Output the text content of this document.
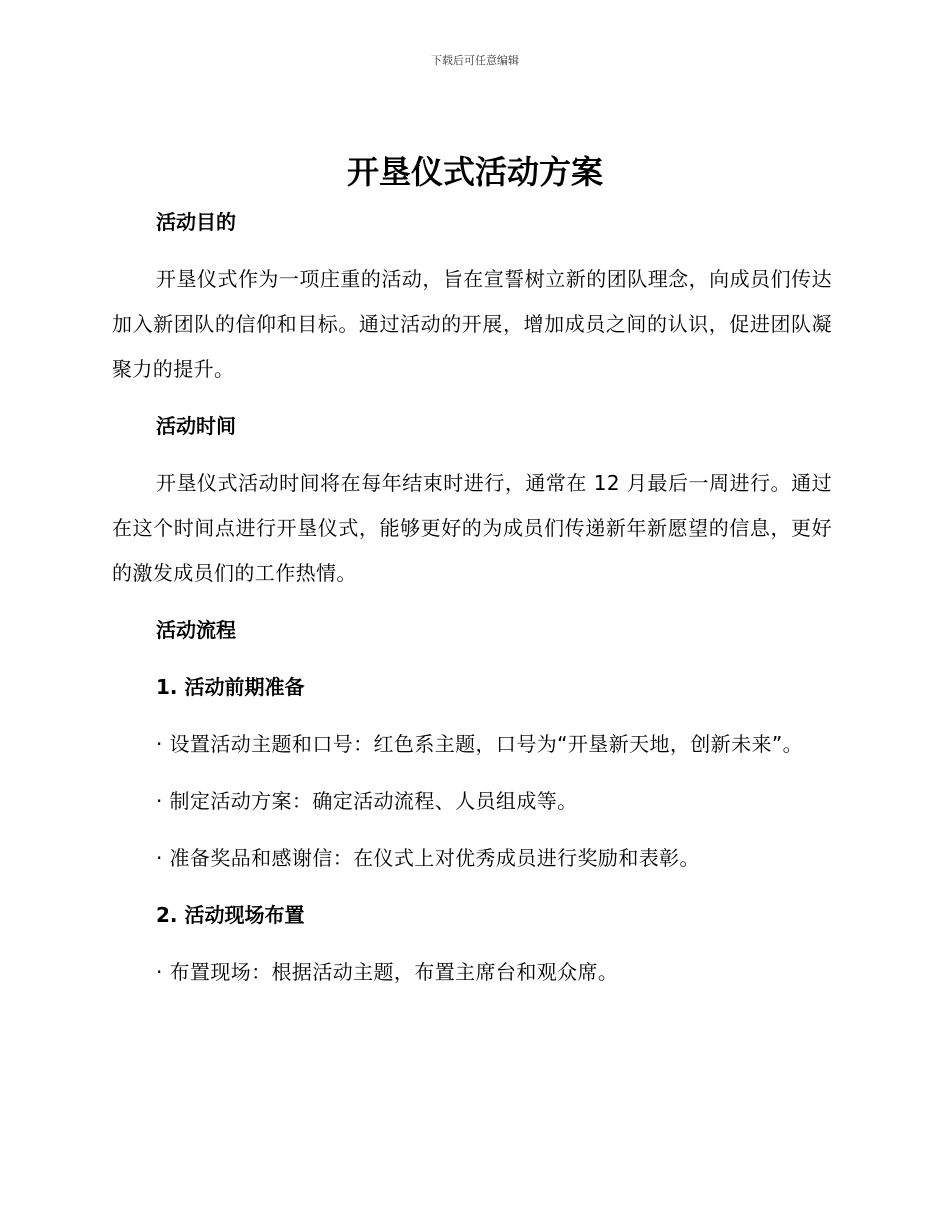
下载后可任意编辑
开垦仪式活动方案
活动目的

开垦仪式作为一项庄重的活动，旨在宣誓树立新的团队理念，向成员们传达加入新团队的信仰和目标。通过活动的开展，增加成员之间的认识，促进团队凝聚力的提升。

活动时间

开垦仪式活动时间将在每年结束时进行，通常在 12 月最后一周进行。通过在这个时间点进行开垦仪式，能够更好的为成员们传递新年新愿望的信息，更好的激发成员们的工作热情。

活动流程
1. 活动前期准备

· 设置活动主题和口号：红色系主题，口号为“开垦新天地，创新未来”。

· 制定活动方案：确定活动流程、人员组成等。

· 准备奖品和感谢信：在仪式上对优秀成员进行奖励和表彰。

2. 活动现场布置

· 布置现场：根据活动主题，布置主席台和观众席。
